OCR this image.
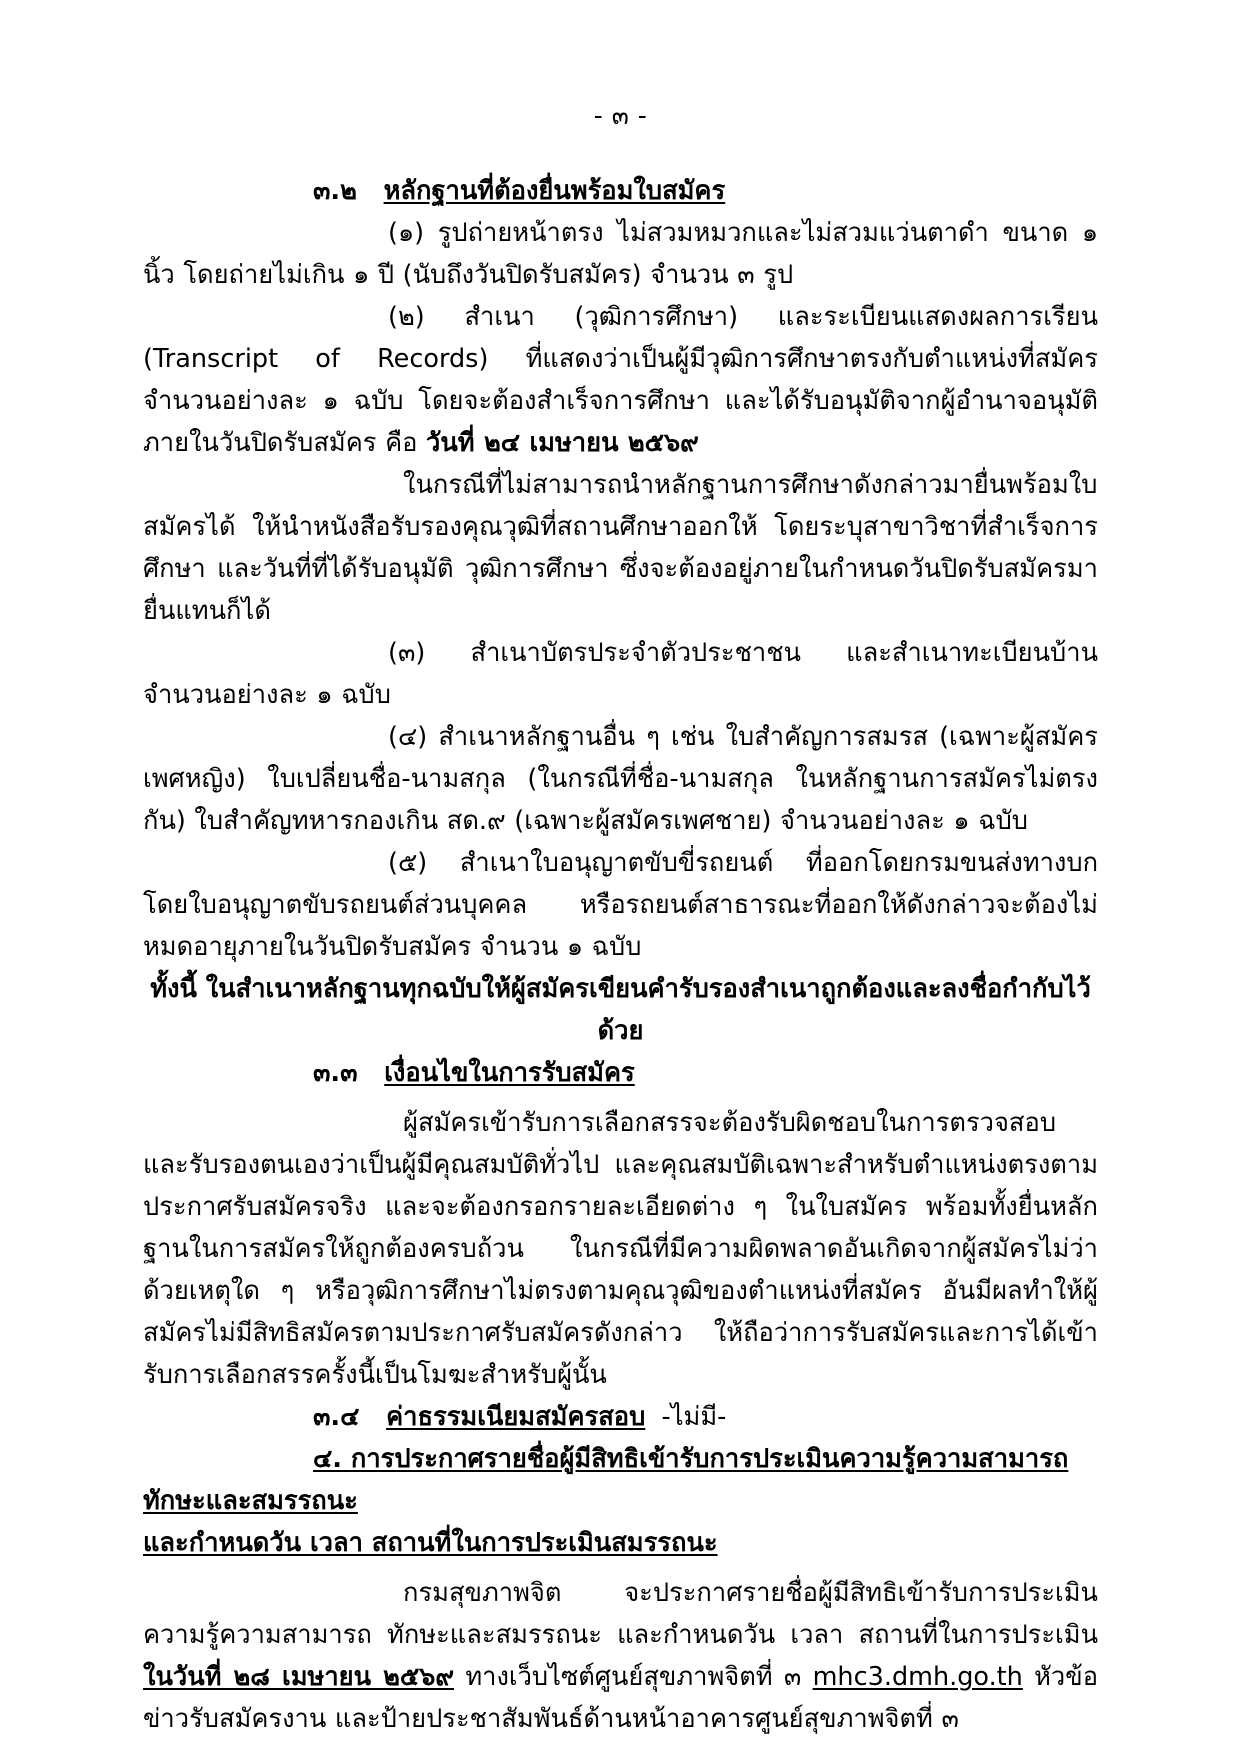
- ๓ -

๓.๒ หลักฐานที่ต้องยื่นพร้อมใบสมัคร

(๑) รูปถ่ายหน้าตรง ไม่สวมหมวกและไม่สวมแว่นตาดำ ขนาด ๑ นิ้ว โดยถ่ายไม่เกิน ๑ ปี (นับถึงวันปิดรับสมัคร) จำนวน ๓ รูป

(๒) สำเนา (วุฒิการศึกษา) และระเบียนแสดงผลการเรียน (Transcript of Records) ที่แสดงว่าเป็นผู้มีวุฒิการศึกษาตรงกับตำแหน่งที่สมัคร จำนวนอย่างละ ๑ ฉบับ โดยจะต้องสำเร็จการศึกษา และได้รับอนุมัติจากผู้อำนาจอนุมัติภายในวันปิดรับสมัคร คือ วันที่ ๒๔ เมษายน ๒๕๖๙

ในกรณีที่ไม่สามารถนำหลักฐานการศึกษาดังกล่าวมายื่นพร้อมใบสมัครได้ ให้นำหนังสือรับรองคุณวุฒิที่สถานศึกษาออกให้ โดยระบุสาขาวิชาที่สำเร็จการศึกษา และวันที่ที่ได้รับอนุมัติ วุฒิการศึกษา ซึ่งจะต้องอยู่ภายในกำหนดวันปิดรับสมัครมายื่นแทนก็ได้

(๓) สำเนาบัตรประจำตัวประชาชน และสำเนาทะเบียนบ้าน จำนวนอย่างละ ๑ ฉบับ

(๔) สำเนาหลักฐานอื่น ๆ เช่น ใบสำคัญการสมรส (เฉพาะผู้สมัครเพศหญิง) ใบเปลี่ยนชื่อ-นามสกุล (ในกรณีที่ชื่อ-นามสกุล ในหลักฐานการสมัครไม่ตรงกัน) ใบสำคัญทหารกองเกิน สด.๙ (เฉพาะผู้สมัครเพศชาย) จำนวนอย่างละ ๑ ฉบับ

(๕) สำเนาใบอนุญาตขับขี่รถยนต์ ที่ออกโดยกรมขนส่งทางบก โดยใบอนุญาตขับรถยนต์ส่วนบุคคล หรือรถยนต์สาธารณะที่ออกให้ดังกล่าวจะต้องไม่หมดอายุภายในวันปิดรับสมัคร จำนวน ๑ ฉบับ

ทั้งนี้ ในสำเนาหลักฐานทุกฉบับให้ผู้สมัครเขียนคำรับรองสำเนาถูกต้องและลงชื่อกำกับไว้ด้วย

๓.๓ เงื่อนไขในการรับสมัคร

ผู้สมัครเข้ารับการเลือกสรรจะต้องรับผิดชอบในการตรวจสอบและรับรองตนเองว่าเป็นผู้มีคุณสมบัติทั่วไป และคุณสมบัติเฉพาะสำหรับตำแหน่งตรงตามประกาศรับสมัครจริง และจะต้องกรอกรายละเอียดต่าง ๆ ในใบสมัคร พร้อมทั้งยื่นหลักฐานในการสมัครให้ถูกต้องครบถ้วน ในกรณีที่มีความผิดพลาดอันเกิดจากผู้สมัครไม่ว่าด้วยเหตุใด ๆ หรือวุฒิการศึกษาไม่ตรงตามคุณวุฒิของตำแหน่งที่สมัคร อันมีผลทำให้ผู้สมัครไม่มีสิทธิสมัครตามประกาศรับสมัครดังกล่าว ให้ถือว่าการรับสมัครและการได้เข้ารับการเลือกสรรครั้งนี้เป็นโมฆะสำหรับผู้นั้น

๓.๔ ค่าธรรมเนียมสมัครสอบ -ไม่มี-

๔. การประกาศรายชื่อผู้มีสิทธิเข้ารับการประเมินความรู้ความสามารถ ทักษะและสมรรถนะ
และกำหนดวัน เวลา สถานที่ในการประเมินสมรรถนะ

กรมสุขภาพจิต จะประกาศรายชื่อผู้มีสิทธิเข้ารับการประเมินความรู้ความสามารถ ทักษะและสมรรถนะ และกำหนดวัน เวลา สถานที่ในการประเมิน ในวันที่ ๒๘ เมษายน ๒๕๖๙ ทางเว็บไซต์ศูนย์สุขภาพจิตที่ ๓ mhc3.dmh.go.th หัวข้อข่าวรับสมัครงาน และป้ายประชาสัมพันธ์ด้านหน้าอาคารศูนย์สุขภาพจิตที่ ๓
